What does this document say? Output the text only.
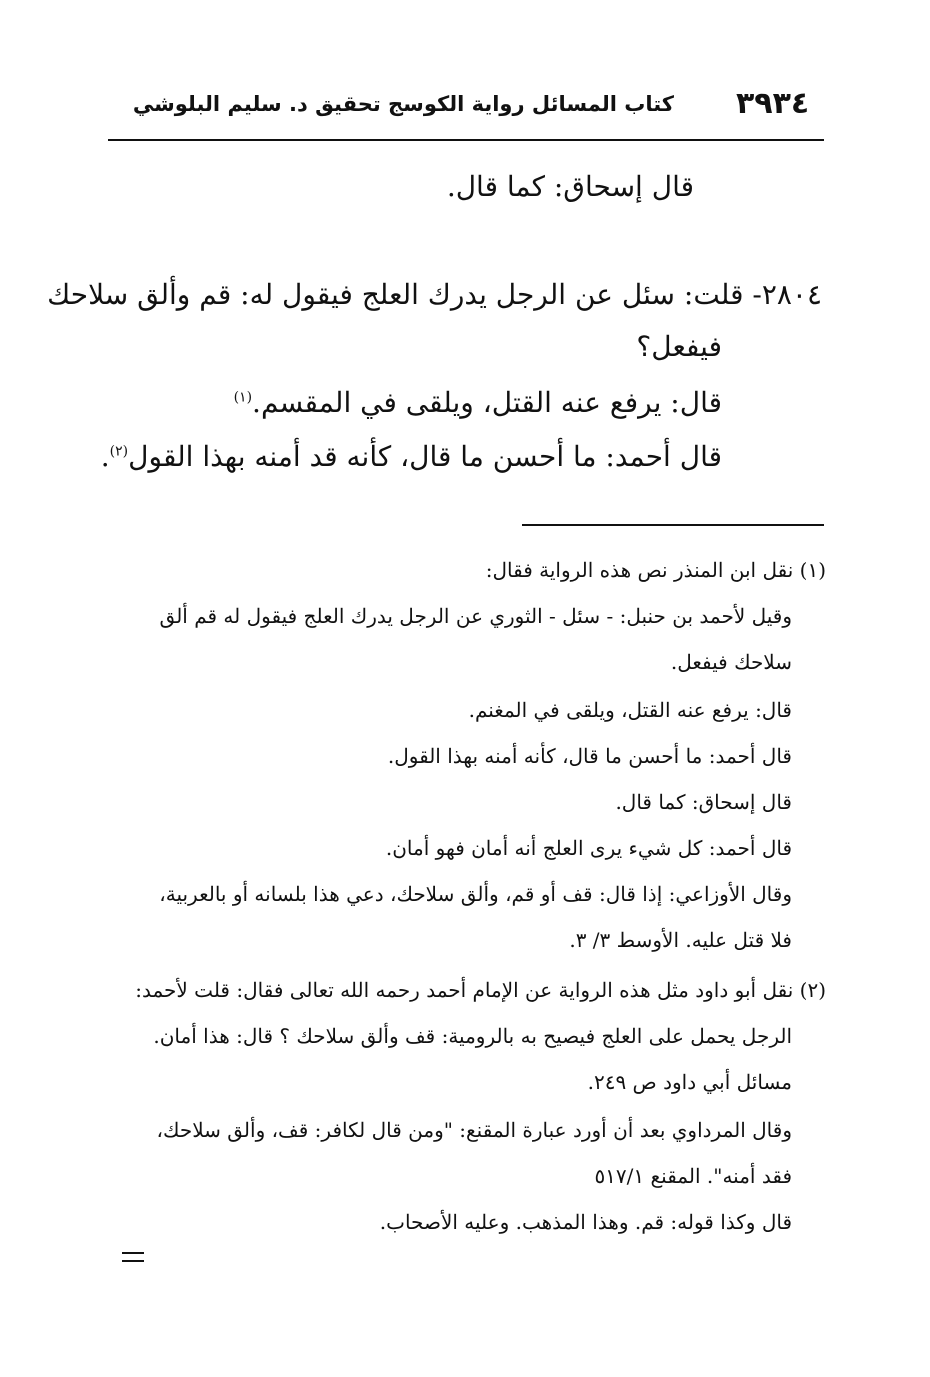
٣٩٣٤
كتاب المسائل رواية الكوسج تحقيق د. سليم البلوشي
قال إسحاق: كما قال.
٢٨٠٤- قلت: سئل عن الرجل يدرك العلج فيقول له: قم وألق سلاحك
فيفعل؟
قال: يرفع عنه القتل، ويلقى في المقسم.$^{(١)}$
قال أحمد: ما أحسن ما قال، كأنه قد أمنه بهذا القول$^{(٢)}$.
(١) نقل ابن المنذر نص هذه الرواية فقال:
وقيل لأحمد بن حنبل: - سئل - الثوري عن الرجل يدرك العلج فيقول له قم ألق
سلاحك فيفعل.
قال: يرفع عنه القتل، ويلقى في المغنم.
قال أحمد: ما أحسن ما قال، كأنه أمنه بهذا القول.
قال إسحاق: كما قال.
قال أحمد: كل شيء يرى العلج أنه أمان فهو أمان.
وقال الأوزاعي: إذا قال: قف أو قم، وألق سلاحك، دعي هذا بلسانه أو بالعربية،
فلا قتل عليه. الأوسط ٣/ ٣.
(٢) نقل أبو داود مثل هذه الرواية عن الإمام أحمد رحمه الله تعالى فقال: قلت لأحمد:
الرجل يحمل على العلج فيصيح به بالرومية: قف وألق سلاحك ؟ قال: هذا أمان.
مسائل أبي داود ص ٢٤٩.
وقال المرداوي بعد أن أورد عبارة المقنع: "ومن قال لكافر: قف، وألق سلاحك،
فقد أمنه". المقنع ٥١٧/١
قال وكذا قوله: قم. وهذا المذهب. وعليه الأصحاب.
